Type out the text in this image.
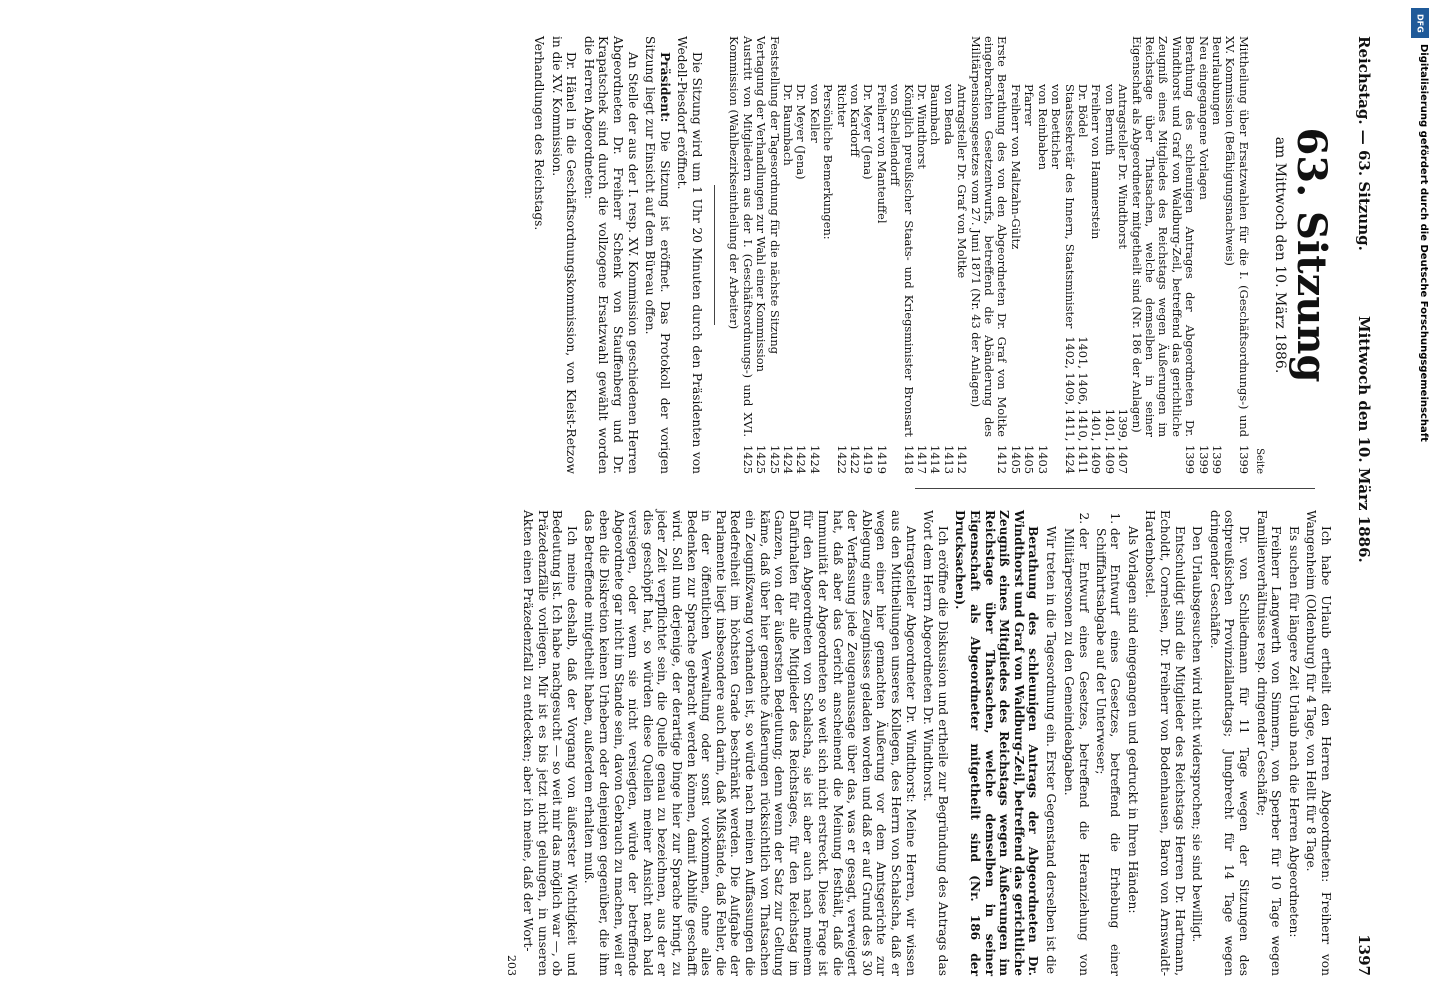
Reichstag. — 63. Sitzung.
Mittwoch den 10. März 1886.
1397
63. Sitzung
am Mittwoch den 10. März 1886.
Seite
Mittheilung über Ersatzwahlen für die I. (Geschäftsordnungs-) und XV. Kommission (Befähigungsnachweis)
1399
Beurlaubungen
1399
Neu eingegangene Vorlagen
1399
Berathung des schleunigen Antrages der Abgeordneten Dr. Windthorst und Graf von Waldburg-Zeil, betreffend das gerichtliche Zeugniß eines Mitgliedes des Reichstags wegen Äußerungen im Reichstage über Thatsachen, welche demselben in seiner Eigenschaft als Abgeordneter mitgetheilt sind (Nr. 186 der Anlagen)
1399
Antragsteller Dr. Windthorst
1399, 1407
von Bernuth
1401, 1409
Freiherr von Hammerstein
1401, 1409
Dr. Bödel
1401, 1406, 1410, 1411
Staatssekretär des Innern, Staatsminister von Boetticher
1402, 1409, 1411, 1424
von Reinbaben
1403
Pfarrer
1405
Freiherr von Maltzahn-Gültz
1405
Erste Berathung des von den Abgeordneten Dr. Graf von Moltke eingebrachten Gesetzentwurfs, betreffend die Abänderung des Militärpensionsgesetzes vom 27. Juni 1871 (Nr. 43 der Anlagen)
1412
Antragsteller Dr. Graf von Moltke
1412
von Benda
1413
Baumbach
1414
Dr. Windthorst
1417
Königlich preußischer Staats- und Kriegsminister Bronsart von Schellendorff
1418
Freiherr von Manteuffel
1419
Dr. Meyer (Jena)
1419
von Kardorff
1422
Richter
1422
Persönliche Bemerkungen:
von Keller
1424
Dr. Meyer (Jena)
1424
Dr. Baumbach
1424
Feststellung der Tagesordnung für die nächste Sitzung
1425
Vertagung der Verhandlungen zur Wahl einer Kommission
1425
Austritt von Mitgliedern aus der I. (Geschäftsordnungs-) und XVI. Kommission (Wahlbezirkseintheilung der Arbeiter)
1425

Die Sitzung wird um 1 Uhr 20 Minuten durch den Präsidenten von Wedell-Piesdorf eröffnet.

Präsident: Die Sitzung ist eröffnet. Das Protokoll der vorigen Sitzung liegt zur Einsicht auf dem Büreau offen.

An Stelle der aus der I. resp. XV. Kommission geschiedenen Herren Abgeordneten Dr. Freiherr Schenk von Stauffenberg und Dr. Krapatschek sind durch die vollzogene Ersatzwahl gewählt worden die Herren Abgeordneten:

Dr. Hänel in die Geschäftsordnungskommission, von Kleist-Retzow in die XV. Kommission.

Verhandlungen des Reichstags.

Ich habe Urlaub ertheilt den Herren Abgeordneten: Freiherr von Wangenheim (Oldenburg) für 4 Tage, von Hellt für 8 Tage.

Es suchen für längere Zeit Urlaub nach die Herren Abgeordneten:

Freiherr Langwerth von Simmern, von Sperber für 10 Tage wegen Familienverhältnisse resp. dringender Geschäfte;

Dr. von Schliedmann für 11 Tage wegen der Sitzungen des ostpreußischen Provinziallandtags; Jungbrecht für 14 Tage wegen dringender Geschäfte.

Den Urlaubsgesuchen wird nicht widersprochen; sie sind bewilligt.

Entschuldigt sind die Mitglieder des Reichstags Herren Dr. Hartmann, Echoldt, Cornelsen, Dr. Freiherr von Bodenhausen, Baron von Arnswaldt-Hardenbostel.

Als Vorlagen sind eingegangen und gedruckt in Ihren Händen:

1. der Entwurf eines Gesetzes, betreffend die Erhebung einer Schifffahrtsabgabe auf der Unterweser;
2. der Entwurf eines Gesetzes, betreffend die Heranziehung von Militärpersonen zu den Gemeindeabgaben.

Wir treten in die Tagesordnung ein. Erster Gegenstand derselben ist die

Berathung des schleunigen Antrags der Abgeordneten Dr. Windthorst und Graf von Waldburg-Zeil, betreffend das gerichtliche Zeugniß eines Mitgliedes des Reichstags wegen Äußerungen im Reichstage über Thatsachen, welche demselben in seiner Eigenschaft als Abgeordneter mitgetheilt sind (Nr. 186 der Drucksachen).

Ich eröffne die Diskussion und ertheile zur Begründung des Antrags das Wort dem Herrn Abgeordneten Dr. Windthorst.

Antragsteller Abgeordneter Dr. Windthorst: Meine Herren, wir wissen aus den Mittheilungen unseres Kollegen, des Herrn von Schalscha, daß er wegen einer hier gemachten Äußerung vor dem Amtsgerichte zur Ablegung eines Zeugnisses geladen worden und daß er auf Grund des § 30 der Verfassung jede Zeugenaussage über das, was er gesagt, verweigert hat, daß aber das Gericht anscheinend die Meinung festhält, daß die Immunität der Abgeordneten so weit sich nicht erstreckt. Diese Frage ist für den Abgeordneten von Schalscha, sie ist aber auch nach meinem Dafürhalten für alle Mitglieder des Reichstages, für den Reichstag im Ganzen, von der äußersten Bedeutung; denn wenn der Satz zur Geltung käme, daß über hier gemachte Äußerungen rücksichtlich von Thatsachen ein Zeugnißzwang vorhanden ist, so würde nach meinen Auffassungen die Redefreiheit im höchsten Grade beschränkt werden. Die Aufgabe der Parlamente liegt insbesondere auch darin, daß Mißstände, daß Fehler, die in der öffentlichen Verwaltung oder sonst vorkommen, ohne alles Bedenken zur Sprache gebracht werden können, damit Abhilfe geschafft wird. Soll nun derjenige, der derartige Dinge hier zur Sprache bringt, zu jeder Zeit verpflichtet sein, die Quelle genau zu bezeichnen, aus der er dies geschöpft hat, so würden diese Quellen meiner Ansicht nach bald versiegen, oder wenn sie nicht versiegten, würde der betreffende Abgeordnete gar nicht im Stande sein, davon Gebrauch zu machen, weil er eben die Diskretion keinen Urhebern oder denjenigen gegenüber, die ihm das Betreffende mitgetheilt haben, außerdem erhalten muß.

Ich meine deshalb, daß der Vorgang von äußerster Wichtigkeit und Bedeutung ist. Ich habe nachgesucht — so weit mir das möglich war —, ob Präzedenzfälle vorliegen. Mir ist es bis jetzt nicht gelungen, in unseren Akten einen Präzedenzfall zu entdecken; aber ich meine, daß der Wort-

203
DFG
Digitalisierung gefördert durch die Deutsche Forschungsgemeinschaft
